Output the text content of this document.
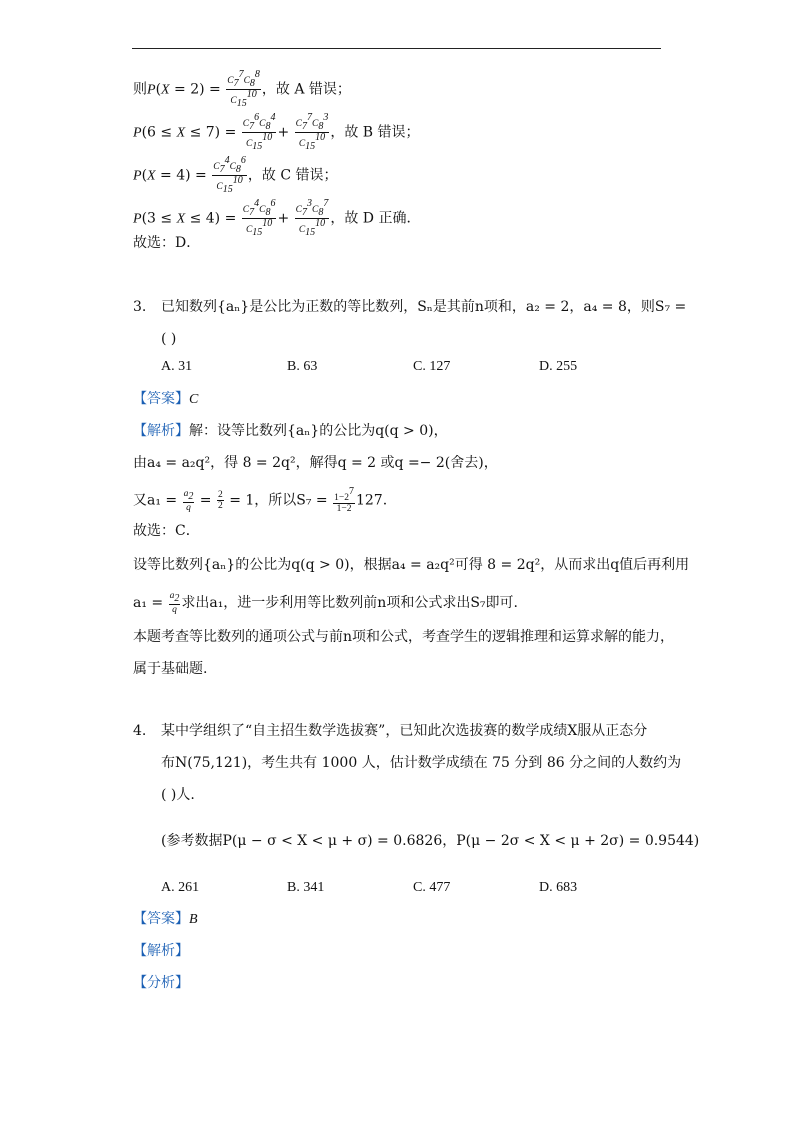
则$P(X = 2) = \frac{C77C88}{C1510}$ ，故 A 错误；
$P(6 \le X \le 7) = \frac{C76C84}{C1510} + \frac{C77C83}{C1510}$ ，故 B 错误；
$P(X = 4) = \frac{C74C86}{C1510}$ ，故 C 错误；
$P(3 \le X \le 4) = \frac{C74C86}{C1510} + \frac{C73C87}{C1510}$ ，故 D 正确．
故选：D．
3. 已知数列{aₙ}是公比为正数的等比数列，Sₙ是其前n项和，a₂ = 2，a₄ = 8，则S₇ =
( )
A. 31	B. 63	C. 127	D. 255
【答案】C
【解析】解：设等比数列{aₙ}的公比为q(q > 0)，
由a₄ = a₂q²，得 8 = 2q²，解得q = 2 或q =− 2(舍去)，
又$a_1 = \frac{a2}{q} = \frac{2}{2} = 1$，所以$S_7 = \frac{1-27}{1-2} 127$.
故选：C．
设等比数列{aₙ}的公比为q(q > 0)，根据a₄ = a₂q²可得 8 = 2q²，从而求出q值后再利用
$a_1 = \frac{a2}{q}$ 求出a₁，进一步利用等比数列前n项和公式求出S₇即可.
本题考查等比数列的通项公式与前n项和公式，考查学生的逻辑推理和运算求解的能力，
属于基础题.
4. 某中学组织了“自主招生数学选拔赛”，已知此次选拔赛的数学成绩X服从正态分
布N(75,121)，考生共有 1000 人，估计数学成绩在 75 分到 86 分之间的人数约为
( )人.
(参考数据P(μ − σ < X < μ + σ) = 0.6826，P(μ − 2σ < X < μ + 2σ) = 0.9544)
A. 261	B. 341	C. 477	D. 683
【答案】B
【解析】
【分析】
